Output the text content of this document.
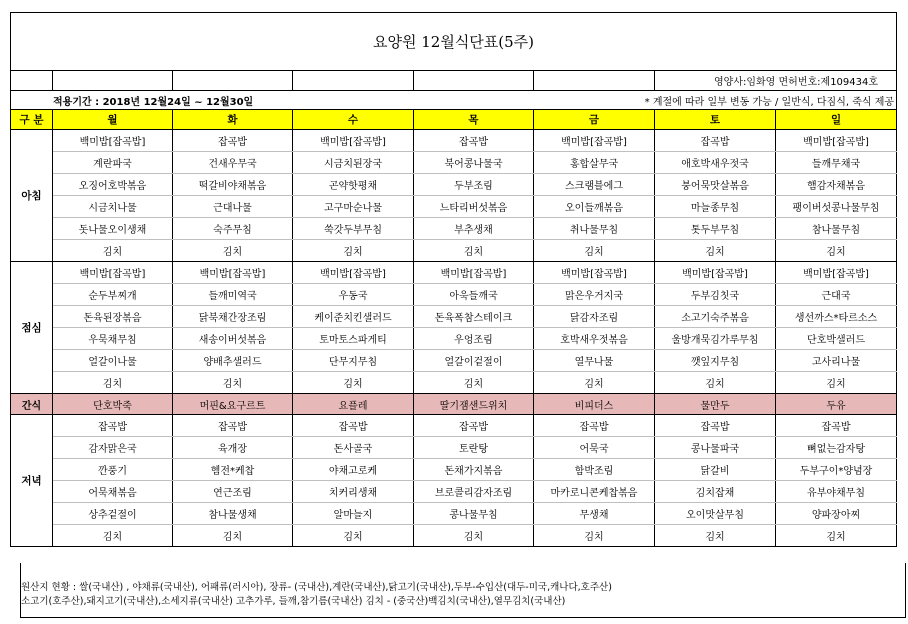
요양원 12월식단표(5주)							
						영양사:임화영 면허번호:제109434호	
적용기간 : 2018년 12월24일 ~ 12월30일				* 계절에 따라 일부 변동 가능 / 일반식, 다짐식, 죽식 제공			
구 분	월	화	수	목	금	토	일
아침	백미밥[잡곡밥]	잡곡밥	백미밥[잡곡밥]	잡곡밥	백미밥[잡곡밥]	잡곡밥	백미밥[잡곡밥]
	계란파국	건새우무국	시금치된장국	북어콩나물국	홍합살무국	애호박새우젓국	들깨무채국
	오징어호박볶음	떡갈비야채볶음	곤약핫평채	두부조림	스크램블에그	붕어묵맛살볶음	햄감자채볶음
	시금치나물	근대나물	고구마순나물	느타리버섯볶음	오이들깨볶음	마늘종무침	팽이버섯콩나물무침
	돗나물오이생채	숙주무침	쑥갓두부무침	부추생채	취나물무침	톳두부무침	참나물무침
	김치	김치	김치	김치	김치	김치	김치
점심	백미밥[잡곡밥]	백미밥[잡곡밥]	백미밥[잡곡밥]	백미밥[잡곡밥]	백미밥[잡곡밥]	백미밥[잡곡밥]	백미밥[잡곡밥]
	순두부찌개	들깨미역국	우동국	아욱들깨국	맑은우거지국	두부김칫국	근대국
	돈육된장볶음	닭북채간장조림	케이준치킨샐러드	돈육폭참스테이크	닭감자조림	소고기숙주볶음	생선까스*타르소스
	우묵채무침	새송이버섯볶음	토마토스파게티	우엉조림	호박새우젓볶음	울방개묵김가루무침	단호박샐러드
	얼갈이나물	양배추샐러드	단무지무침	얼갈이겉절이	열무나물	깻잎지무침	고사리나물
	김치	김치	김치	김치	김치	김치	김치
간식	단호박죽	머핀&요구르트	요플레	딸기잼샌드위치	비피더스	물만두	두유
저녁	잡곡밥	잡곡밥	잡곡밥	잡곡밥	잡곡밥	잡곡밥	잡곡밥
	감자맑은국	육개장	돈사골국	토란탕	어묵국	콩나물파국	뼈없는감자탕
	깐풍기	헴전*케찹	야채고로케	돈채가지볶음	함박조림	닭갈비	두부구이*양념장
	어묵채볶음	연근조림	치커리생채	브로콜리감자조림	마카로니콘케찹볶음	김치잡채	유부야채무침
	상추겉절이	참나물생채	알마늘지	콩나물무침	무생채	오이맛살무침	양파장아찌
	김치	김치	김치	김치	김치	김치	김치
원산지 현황 : 쌀(국내산) , 야채류(국내산), 어패류(러시아), 장류- (국내산),계란(국내산),닭고기(국내산),두부-수입산(대두-미국,캐나다,호주산)
소고기(호주산),돼지고기(국내산),소세지류(국내산) 고추가루, 들깨,참기름(국내산) 김치 - (중국산)백김치(국내산),열무김치(국내산)
